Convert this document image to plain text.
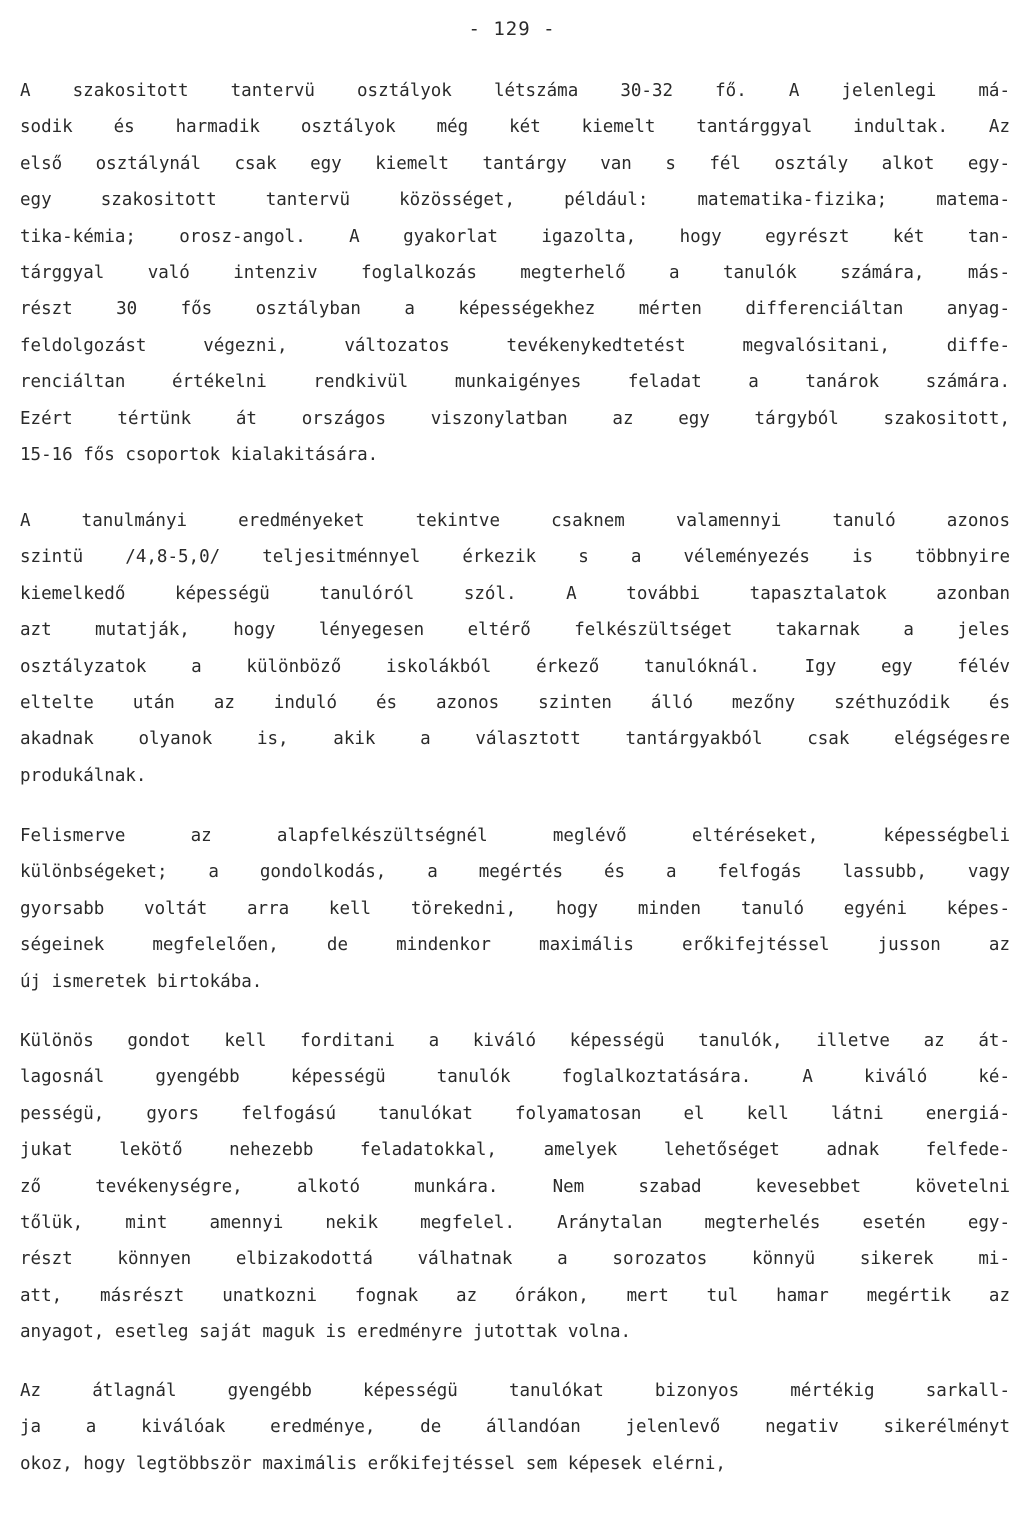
- 129 -
A szakositott tantervü osztályok létszáma 30-32 fő. A jelenlegi má-
sodik és harmadik osztályok még két kiemelt tantárggyal indultak. Az
első osztálynál csak egy kiemelt tantárgy van s fél osztály alkot egy-
egy szakositott tantervü közösséget, például: matematika-fizika; matema-
tika-kémia; orosz-angol. A gyakorlat igazolta, hogy egyrészt két tan-
tárggyal való intenziv foglalkozás megterhelő a tanulók számára, más-
részt 30 fős osztályban a képességekhez mérten differenciáltan anyag-
feldolgozást végezni, változatos tevékenykedtetést megvalósitani, diffe-
renciáltan értékelni rendkivül munkaigényes feladat a tanárok számára.
Ezért tértünk át országos viszonylatban az egy tárgyból szakositott,
15-16 fős csoportok kialakitására.
A tanulmányi eredményeket tekintve csaknem valamennyi tanuló azonos
szintü /4,8-5,0/ teljesitménnyel érkezik s a véleményezés is többnyire
kiemelkedő képességü tanulóról szól. A további tapasztalatok azonban
azt mutatják, hogy lényegesen eltérő felkészültséget takarnak a jeles
osztályzatok a különböző iskolákból érkező tanulóknál. Igy egy félév
eltelte után az induló és azonos szinten álló mezőny széthuzódik és
akadnak olyanok is, akik a választott tantárgyakból csak elégségesre
produkálnak.
Felismerve az alapfelkészültségnél meglévő eltéréseket, képességbeli
különbségeket; a gondolkodás, a megértés és a felfogás lassubb, vagy
gyorsabb voltát arra kell törekedni, hogy minden tanuló egyéni képes-
ségeinek megfelelően, de mindenkor maximális erőkifejtéssel jusson az
új ismeretek birtokába.
Különös gondot kell forditani a kiváló képességü tanulók, illetve az át-
lagosnál gyengébb képességü tanulók foglalkoztatására. A kiváló ké-
pességü, gyors felfogású tanulókat folyamatosan el kell látni energiá-
jukat lekötő nehezebb feladatokkal, amelyek lehetőséget adnak felfede-
ző tevékenységre, alkotó munkára. Nem szabad kevesebbet követelni
tőlük, mint amennyi nekik megfelel. Aránytalan megterhelés esetén egy-
részt könnyen elbizakodottá válhatnak a sorozatos könnyü sikerek mi-
att, másrészt unatkozni fognak az órákon, mert tul hamar megértik az
anyagot, esetleg saját maguk is eredményre jutottak volna.
Az átlagnál gyengébb képességü tanulókat bizonyos mértékig sarkall-
ja a kiválóak eredménye, de állandóan jelenlevő negativ sikerélményt
okoz, hogy legtöbbször maximális erőkifejtéssel sem képesek elérni,
